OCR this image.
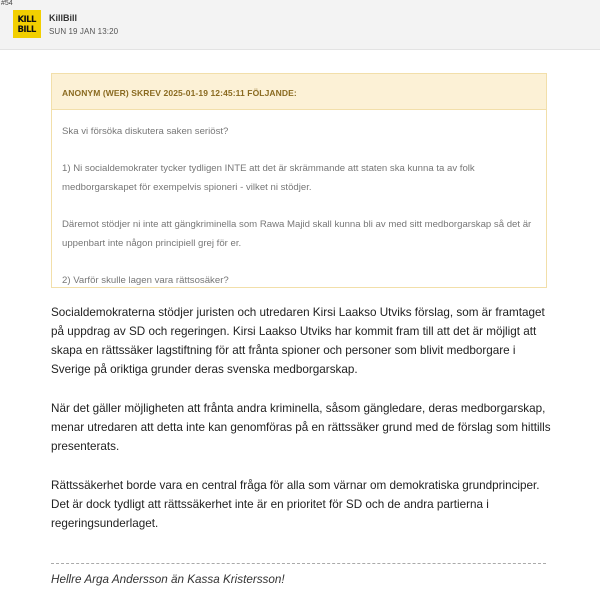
KILL
BILL
KillBill
SUN 19 JAN 13:20
#54
ANONYM (WER) SKREV 2025-01-19 12:45:11 FÖLJANDE:

Ska vi försöka diskutera saken seriöst?

1) Ni socialdemokrater tycker tydligen INTE att det är skrämmande att staten ska kunna ta av folk medborgarskapet för exempelvis spioneri - vilket ni stödjer.

Däremot stödjer ni inte att gängkriminella som Rawa Majid skall kunna bli av med sitt medborgarskap så det är uppenbart inte någon principiell grej för er.

2) Varför skulle lagen vara rättsosäker?

Socialdemokraterna stödjer juristen och utredaren Kirsi Laakso Utviks förslag, som är framtaget på uppdrag av SD och regeringen. Kirsi Laakso Utviks har kommit fram till att det är möjligt att skapa en rättssäker lagstiftning för att frånta spioner och personer som blivit medborgare i Sverige på oriktiga grunder deras svenska medborgarskap.

När det gäller möjligheten att frånta andra kriminella, såsom gängledare, deras medborgarskap, menar utredaren att detta inte kan genomföras på en rättssäker grund med de förslag som hittills presenterats.

Rättssäkerhet borde vara en central fråga för alla som värnar om demokratiska grundprinciper. Det är dock tydligt att rättssäkerhet inte är en prioritet för SD och de andra partierna i regeringsunderlaget.

Hellre Arga Andersson än Kassa Kristersson!
